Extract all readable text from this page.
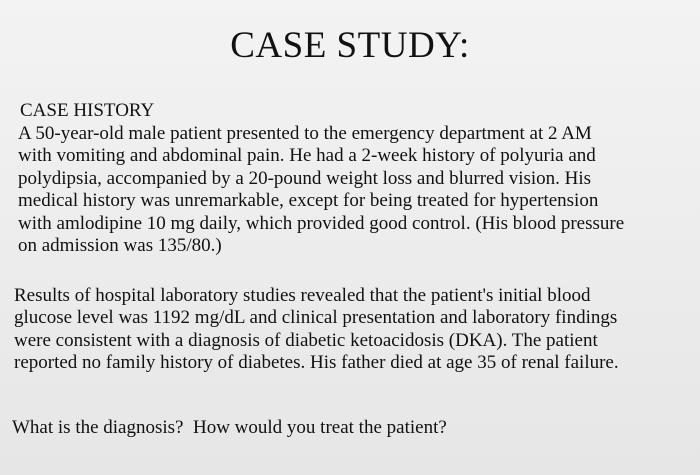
CASE STUDY:

CASE HISTORY

A 50-year-old male patient presented to the emergency department at 2 AM
with vomiting and abdominal pain. He had a 2-week history of polyuria and
polydipsia, accompanied by a 20-pound weight loss and blurred vision. His
medical history was unremarkable, except for being treated for hypertension
with amlodipine 10 mg daily, which provided good control. (His blood pressure
on admission was 135/80.)
Results of hospital laboratory studies revealed that the patient's initial blood
glucose level was 1192 mg/dL and clinical presentation and laboratory findings
were consistent with a diagnosis of diabetic ketoacidosis (DKA). The patient
reported no family history of diabetes. His father died at age 35 of renal failure.

What is the diagnosis?  How would you treat the patient?
